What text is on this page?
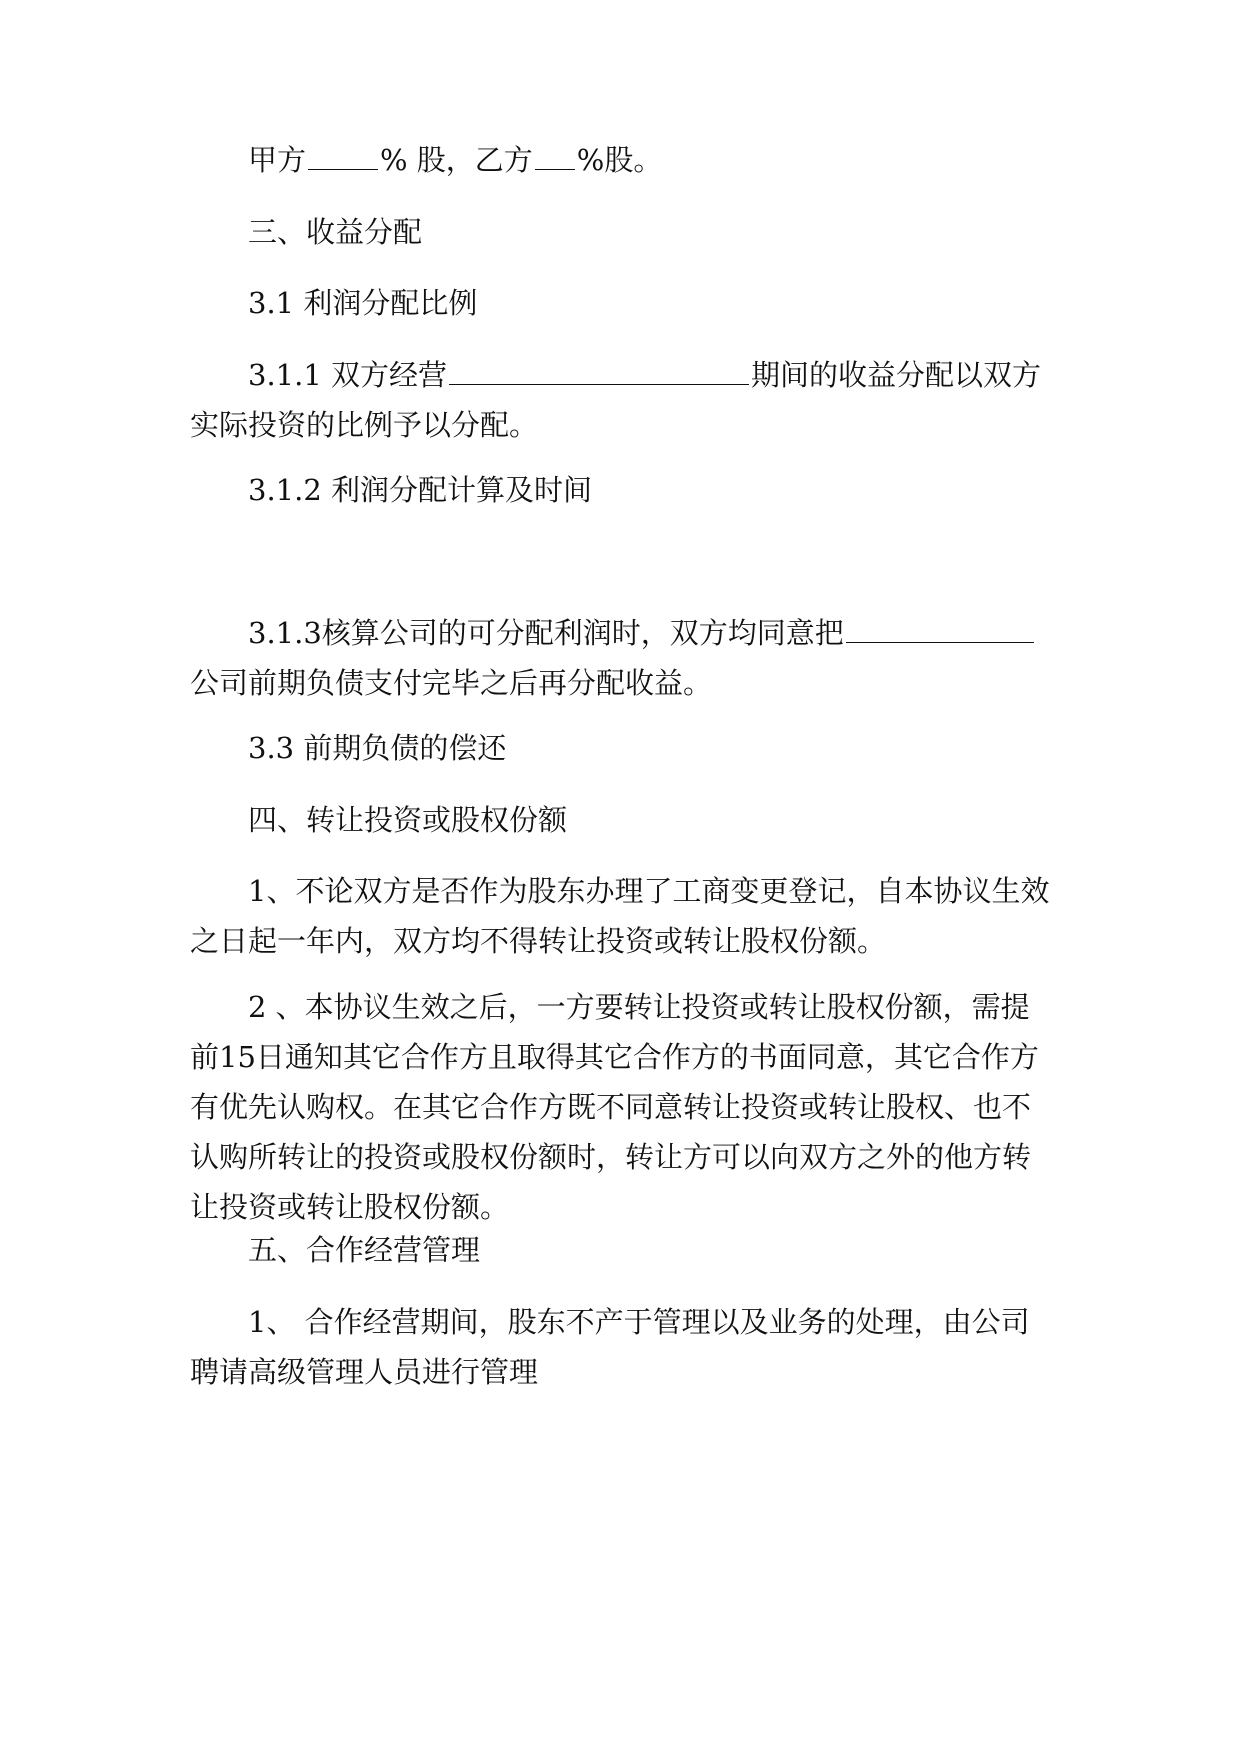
甲方	% 股，乙方 %股。

三、收益分配

3.1 利润分配比例

3.1.1 双方经营	期间的收益分配以双方实际投资的比例予以分配。

3.1.2 利润分配计算及时间

3.1.3核算公司的可分配利润时，双方均同意把公司前期负债支付完毕之后再分配收益。

3.3 前期负债的偿还

四、转让投资或股权份额

1、不论双方是否作为股东办理了工商变更登记，自本协议生效之日起一年内，双方均不得转让投资或转让股权份额。

2 、本协议生效之后，一方要转让投资或转让股权份额，需提前15日通知其它合作方且取得其它合作方的书面同意，其它合作方有优先认购权。在其它合作方既不同意转让投资或转让股权、也不认购所转让的投资或股权份额时，转让方可以向双方之外的他方转让投资或转让股权份额。

五、合作经营管理

1、 合作经营期间，股东不产于管理以及业务的处理，由公司聘请高级管理人员进行管理
